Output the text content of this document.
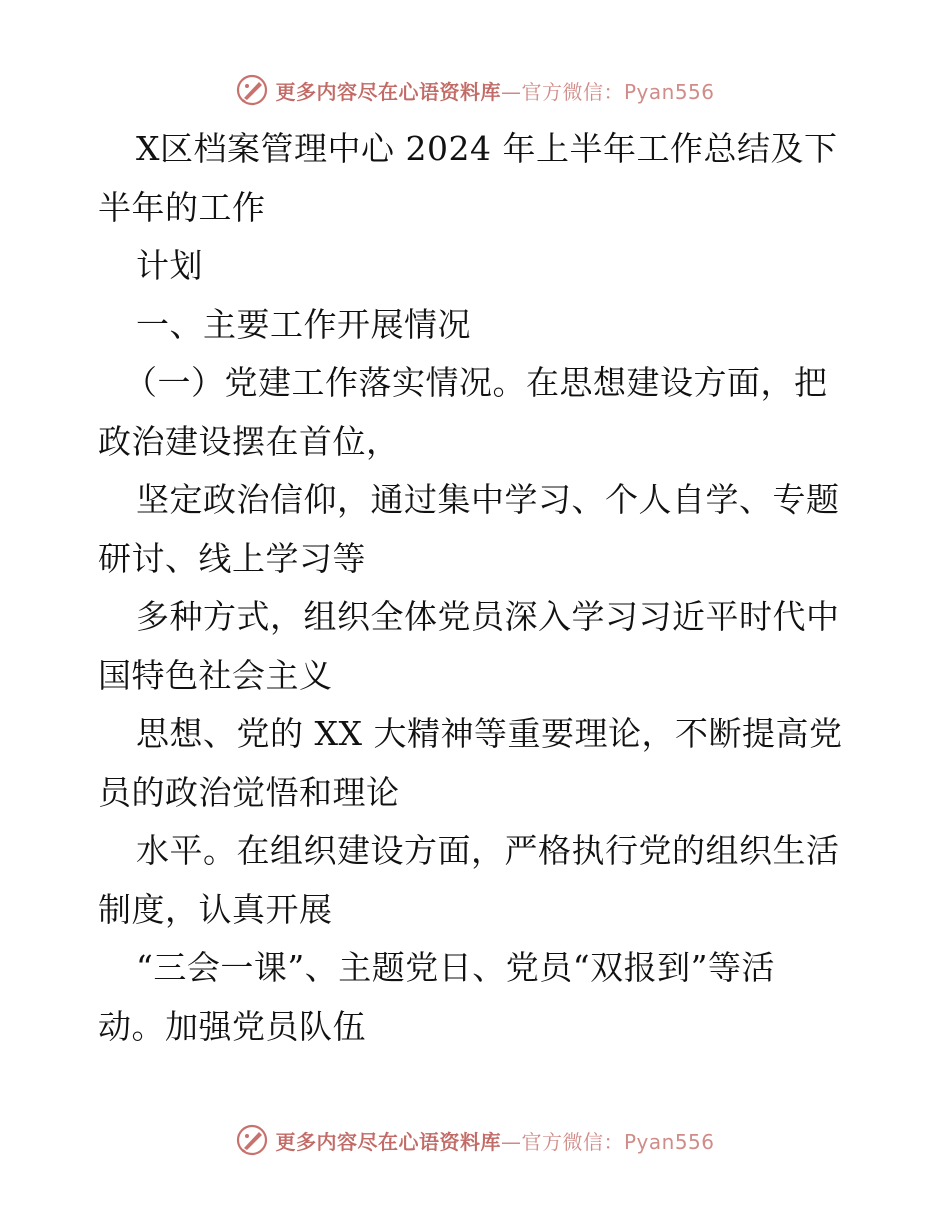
更多内容尽在心语资料库—官方微信：Pyan556
X区档案管理中心 2024 年上半年工作总结及下
半年的工作
计划
一、主要工作开展情况
（一）党建工作落实情况。在思想建设方面，把
政治建设摆在首位，
坚定政治信仰，通过集中学习、个人自学、专题
研讨、线上学习等
多种方式，组织全体党员深入学习习近平时代中
国特色社会主义
思想、党的 XX 大精神等重要理论，不断提高党
员的政治觉悟和理论
水平。在组织建设方面，严格执行党的组织生活
制度，认真开展
“三会一课”、主题党日、党员“双报到”等活
动。加强党员队伍
更多内容尽在心语资料库—官方微信：Pyan556
